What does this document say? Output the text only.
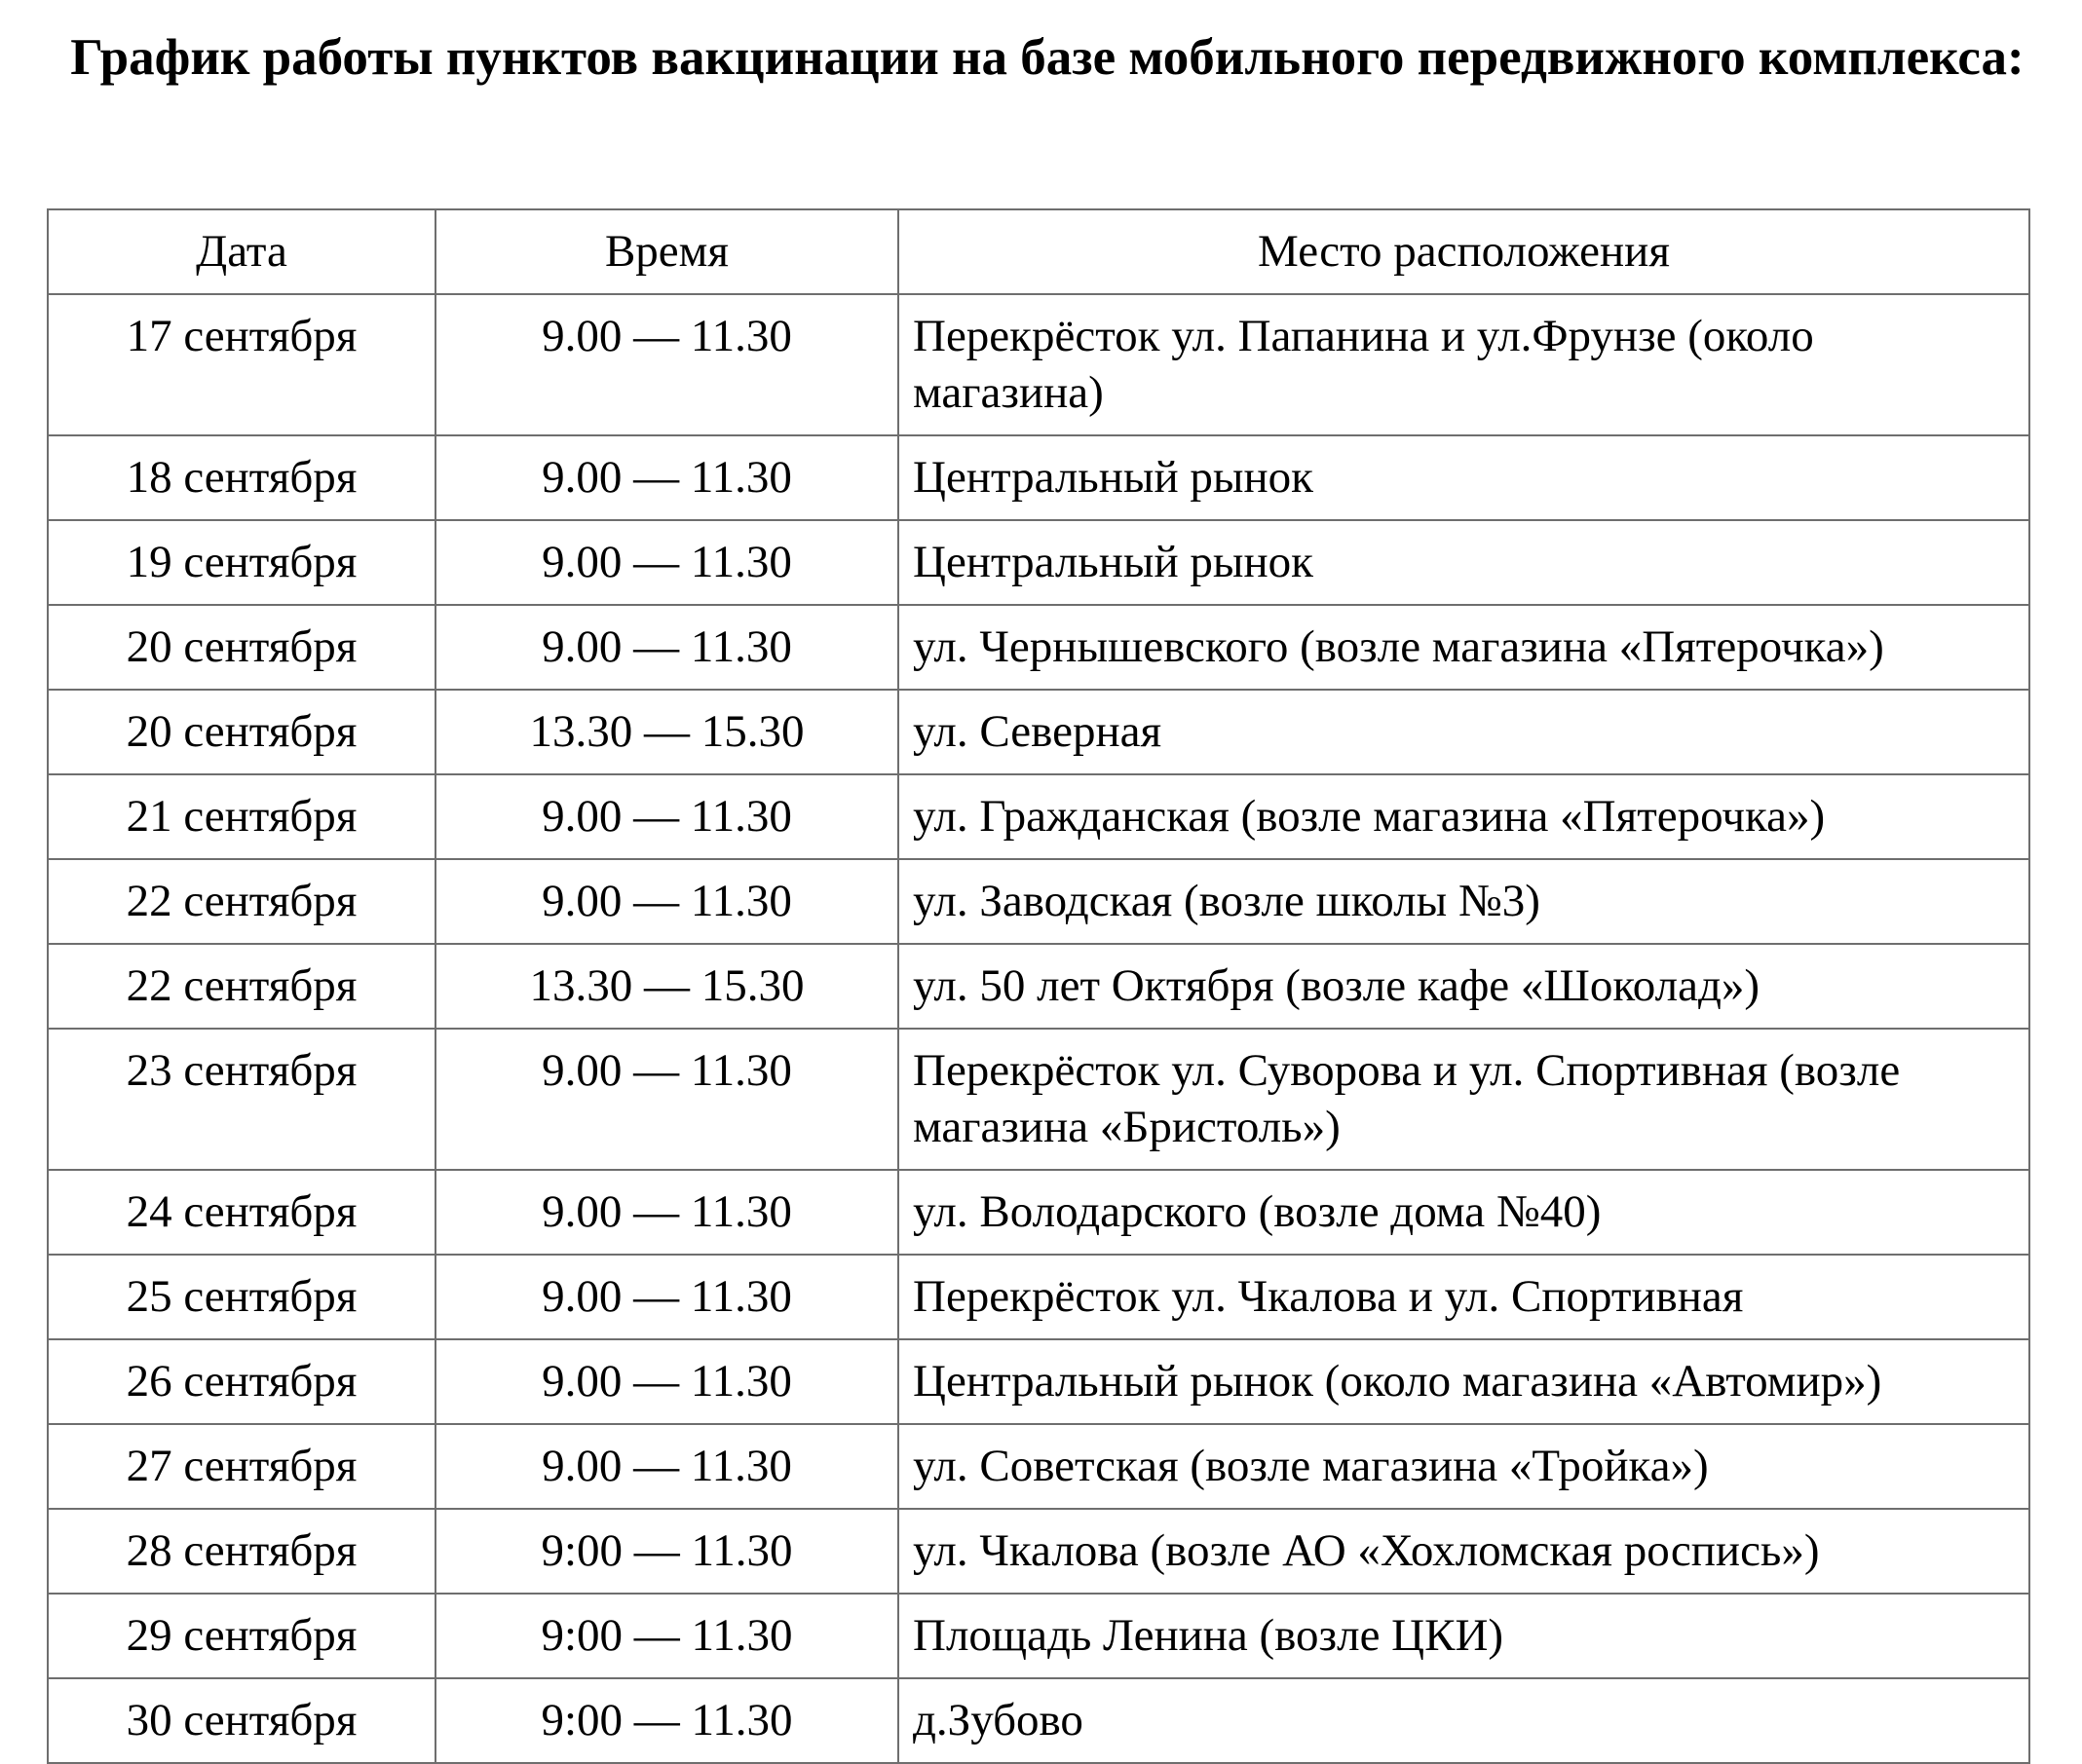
График работы пунктов вакцинации на базе мобильного передвижного комплекса:
Дата	Время	Место расположения
17 сентября	9.00 — 11.30	Перекрёсток ул. Папанина и ул.Фрунзе (около магазина)
18 сентября	9.00 — 11.30	Центральный рынок
19 сентября	9.00 — 11.30	Центральный рынок
20 сентября	9.00 — 11.30	ул. Чернышевского (возле магазина «Пятерочка»)
20 сентября	13.30 — 15.30	ул. Северная
21 сентября	9.00 — 11.30	ул. Гражданская (возле магазина «Пятерочка»)
22 сентября	9.00 — 11.30	ул. Заводская (возле школы №3)
22 сентября	13.30 — 15.30	ул. 50 лет Октября (возле кафе «Шоколад»)
23 сентября	9.00 — 11.30	Перекрёсток ул. Суворова и ул. Спортивная (возле магазина «Бристоль»)
24 сентября	9.00 — 11.30	ул. Володарского (возле дома №40)
25 сентября	9.00 — 11.30	Перекрёсток ул. Чкалова и ул. Спортивная
26 сентября	9.00 — 11.30	Центральный рынок (около магазина «Автомир»)
27 сентября	9.00 — 11.30	ул. Советская (возле магазина «Тройка»)
28 сентября	9:00 — 11.30	ул. Чкалова (возле АО «Хохломская роспись»)
29 сентября	9:00 — 11.30	Площадь Ленина (возле ЦКИ)
30 сентября	9:00 — 11.30	д.Зубово
